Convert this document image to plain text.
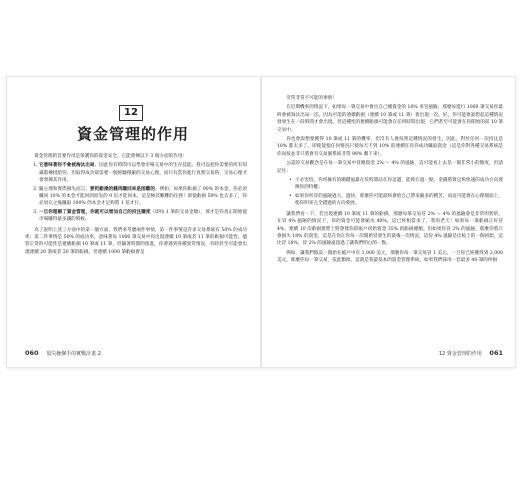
12
資金管理的作用

資金管理的首要作用是保護你的資金安全。它能發揮以下 3 個方面的作用：

1. 它意味著你不會被淘汰出局。因此你有時間可以學會市場交易中的生存技能。我可以把你需要的所有知識都傳授給你，但取得成功卻需要一個經驗積累的交易心理，而只有當你進行真實交易時，交易心理才會發揮其作用。
2. 隨心理和實際損失而言，要把虧損的錢再賺回來是困難的。例如，如果你虧損了 90% 的本金，你必須賺回 10% 的本金才能回到原先的 9 倍才能回本，這是極其艱難的任務！即使虧損 50% 也太多了，你必須在之後賺取 100% 的本金才足夠將 1 倍才行。
3. 一旦你理解了資金管理，你就可以增加自己的投注賺度（即每 1 筆的交易金額），那才是你真正開始從市場賺得最多錢的時候。

為了說明上述三方面中的第一個方面，我們來考慮兩件事情，第一件事情是許多交易系統有 50% 的成功率；第二件事情是 50% 的成功率，意味著每 1000 筆交易中你出現連續 10 筆或者 11 筆的虧損可能性。儘管正常的可能性是連續虧損 10 筆或 11 筆，但隨著時間的推進，你會遇到各種異常情況，有時甚至可能會出現連續 20 筆或者 30 筆的虧損。但連續 1000 筆虧損會是

060 頂尖操盤手的實戰計畫 2

非常非常不可能的事情！

在近期機率的情況下，如果每一筆交易中會出自己總資金的 10% 來冒風險，那麼每進行 1000 筆交易你最終會被淘汰出局一次。因為可能的連續虧損（連續 10 筆或 11 筆）會出現一次。好，你可能會說想起這種情況發發生在一段時間才會出現，但這種性的連續虧損可能會在任何時間出現，它們甚至可能會在你開始的前 10 筆交易中。

你也會說想要獲得 10 筆或 11 筆的機率，但沒有人會按照這種情況的發生，因此，對於任何一次投注是 10% 都太多了，即使能使任何情況只使每天不到 10% 的連續在你你成功賺取資金（這是你對各種交易系統是你而按並非只將會有交易個系統非常 98% 剩下來）。

公認的交易觀念是在每一筆交易中冒總資金 2% ～ 4% 的風險，這可能看上去是一個非常小的額度，但請記住：

• 不必害怕，你所擁有的關鍵風暴在於時間站在你這邊，能夠在過一點，金錢將會足夠快速的成功方向發揮你的特權；
• 如果你所冒的風險過大，過快，那麼你可能最終會給自己帶來嚴多的精苦，而這可能會在心理層面上，使你明來完全錯過的方向發展。

讓我們看一下，若出現連續 10 筆或 11 筆的虧損，那麼每筆交易冒 2% ～ 4% 的風險會是非常明智的，在冒 4% 風險的情況下，你的資金可能會縮水 40%，這已經相當多了，我的老天！如果每一筆虧損正好冒 4%，連續 10 次虧損實際上將會使你的賬戶初始資金 35% 的虧損總額。但如果你冒 2% 的風險，那麼你將只會損失 18% 的資金，這是在你在你每一次開始冒發生的最後一次情況，這份 4% 風險是比較上的一個初始，這比冒 18%，冒 2% 的風險遠超過了讓我們明白的一點。

例如，讓我們假設一開始在帳戶中有 1,000 美元，那麼你每一筆交易冒 1 美元。一旦你已經獲得到 2,000 美元，那麼你每一筆交易，依此類推。這就是我最基本的資金管理系統，如果我們採用一套最多 40 筆的停損

12 資金管理的作用 061
